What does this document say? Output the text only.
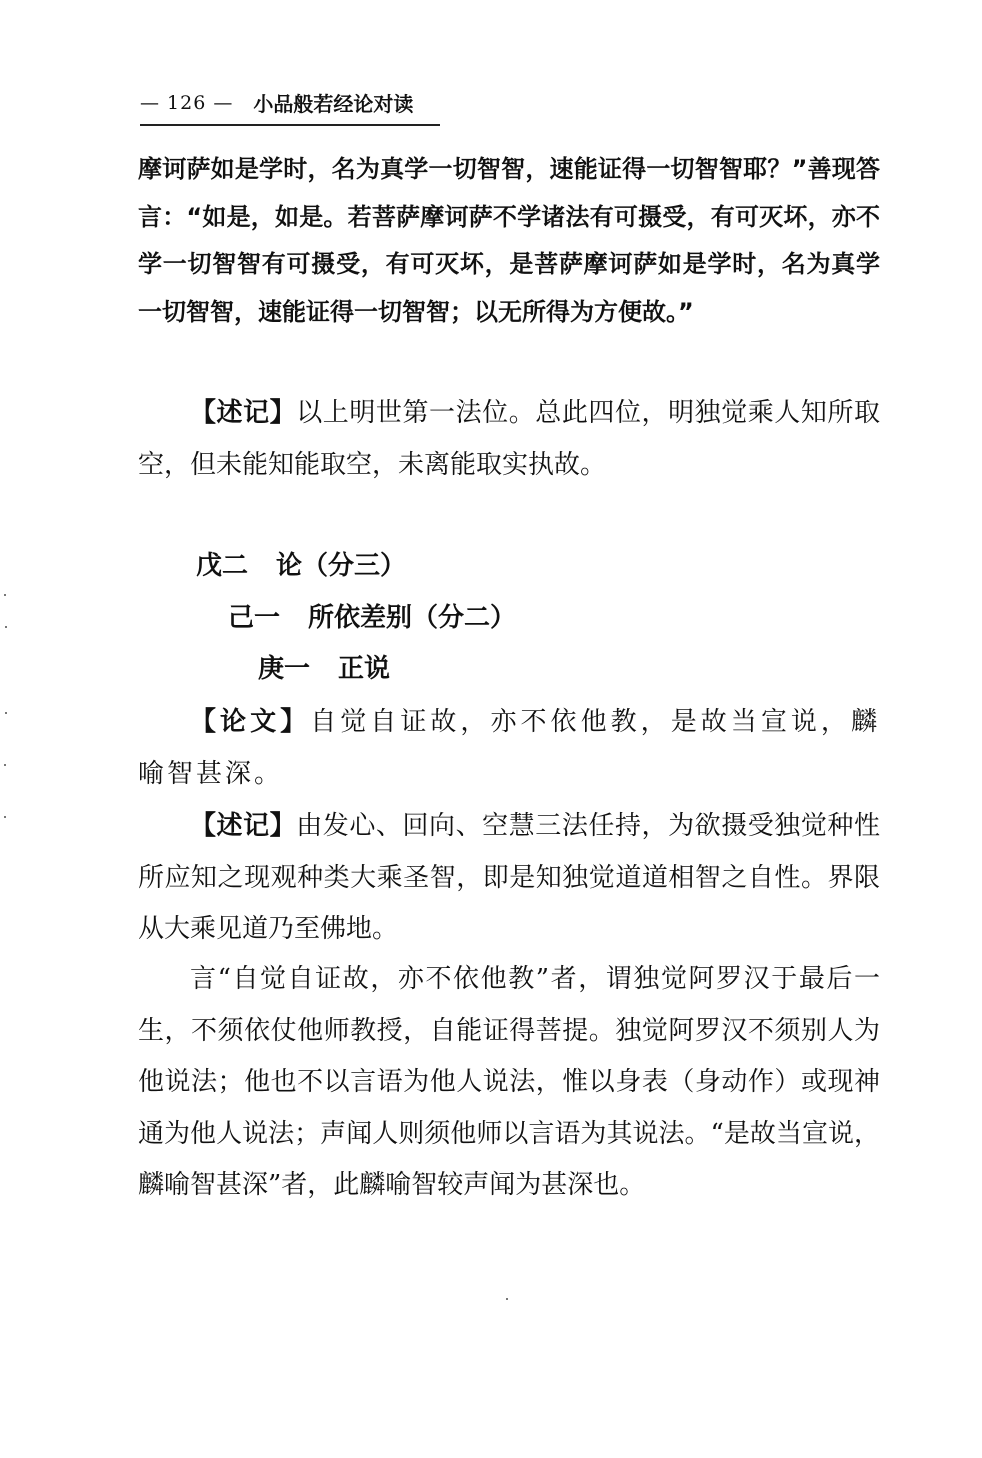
— 126 — 小品般若经论对读

摩诃萨如是学时，名为真学一切智智，速能证得一切智智耶？”善现答言：“如是，如是。若菩萨摩诃萨不学诸法有可摄受，有可灭坏，亦不学一切智智有可摄受，有可灭坏，是菩萨摩诃萨如是学时，名为真学一切智智，速能证得一切智智；以无所得为方便故。”

【述记】以上明世第一法位。总此四位，明独觉乘人知所取空，但未能知能取空，未离能取实执故。

戊二 论（分三）

己一 所依差别（分二）

庚一 正说

【论文】自觉自证故，亦不依他教，是故当宣说，麟喻智甚深。

【述记】由发心、回向、空慧三法任持，为欲摄受独觉种性所应知之现观种类大乘圣智，即是知独觉道道相智之自性。界限从大乘见道乃至佛地。

言“自觉自证故，亦不依他教”者，谓独觉阿罗汉于最后一生，不须依仗他师教授，自能证得菩提。独觉阿罗汉不须别人为他说法；他也不以言语为他人说法，惟以身表（身动作）或现神通为他人说法；声闻人则须他师以言语为其说法。“是故当宣说，麟喻智甚深”者，此麟喻智较声闻为甚深也。
